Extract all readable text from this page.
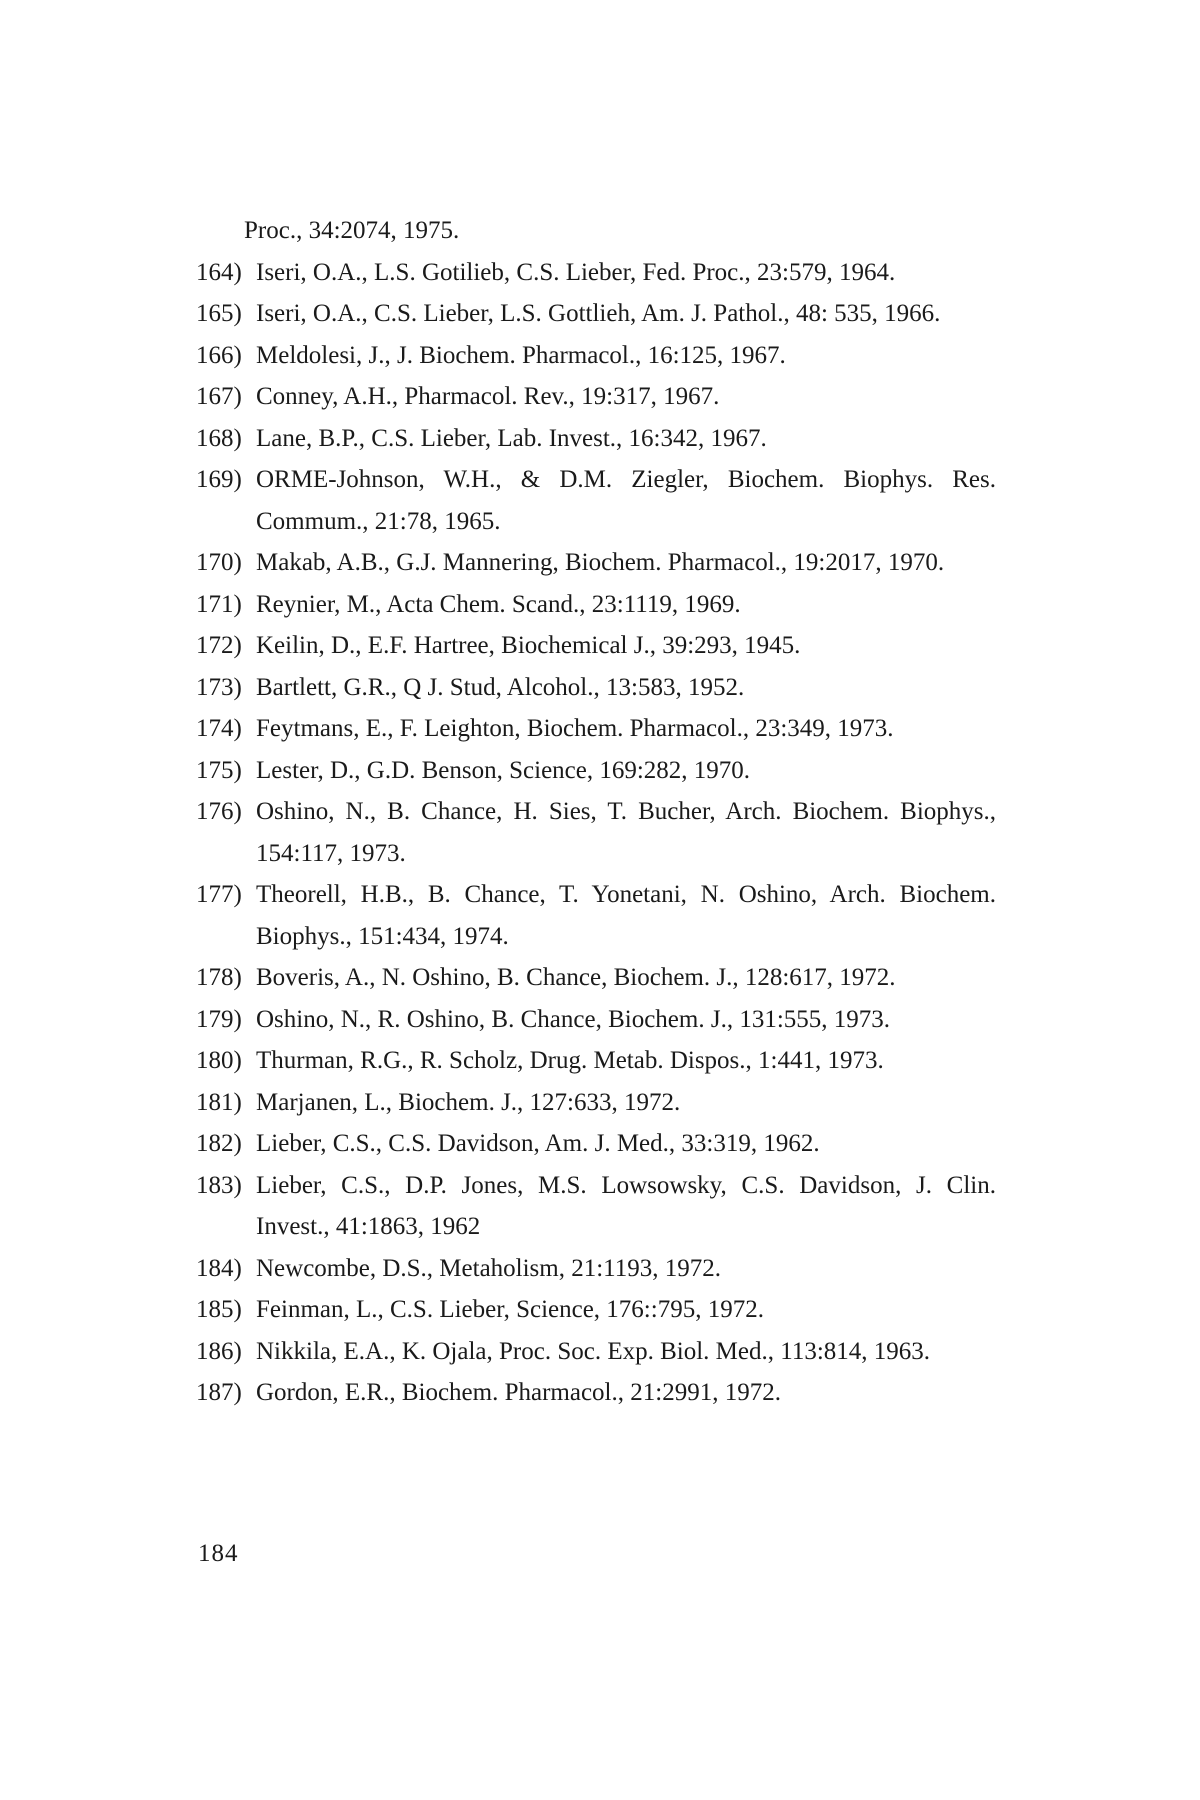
Proc., 34:2074, 1975.
164) Iseri, O.A., L.S. Gotilieb, C.S. Lieber, Fed. Proc., 23:579, 1964.
165) Iseri, O.A., C.S. Lieber, L.S. Gottlieh, Am. J. Pathol., 48: 535, 1966.
166) Meldolesi, J., J. Biochem. Pharmacol., 16:125, 1967.
167) Conney, A.H., Pharmacol. Rev., 19:317, 1967.
168) Lane, B.P., C.S. Lieber, Lab. Invest., 16:342, 1967.
169) ORME-Johnson, W.H., & D.M. Ziegler, Biochem. Biophys. Res. Commum., 21:78, 1965.
170) Makab, A.B., G.J. Mannering, Biochem. Pharmacol., 19:2017, 1970.
171) Reynier, M., Acta Chem. Scand., 23:1119, 1969.
172) Keilin, D., E.F. Hartree, Biochemical J., 39:293, 1945.
173) Bartlett, G.R., Q J. Stud, Alcohol., 13:583, 1952.
174) Feytmans, E., F. Leighton, Biochem. Pharmacol., 23:349, 1973.
175) Lester, D., G.D. Benson, Science, 169:282, 1970.
176) Oshino, N., B. Chance, H. Sies, T. Bucher, Arch. Biochem. Biophys., 154:117, 1973.
177) Theorell, H.B., B. Chance, T. Yonetani, N. Oshino, Arch. Biochem. Biophys., 151:434, 1974.
178) Boveris, A., N. Oshino, B. Chance, Biochem. J., 128:617, 1972.
179) Oshino, N., R. Oshino, B. Chance, Biochem. J., 131:555, 1973.
180) Thurman, R.G., R. Scholz, Drug. Metab. Dispos., 1:441, 1973.
181) Marjanen, L., Biochem. J., 127:633, 1972.
182) Lieber, C.S., C.S. Davidson, Am. J. Med., 33:319, 1962.
183) Lieber, C.S., D.P. Jones, M.S. Lowsowsky, C.S. Davidson, J. Clin. Invest., 41:1863, 1962
184) Newcombe, D.S., Metaholism, 21:1193, 1972.
185) Feinman, L., C.S. Lieber, Science, 176::795, 1972.
186) Nikkila, E.A., K. Ojala, Proc. Soc. Exp. Biol. Med., 113:814, 1963.
187) Gordon, E.R., Biochem. Pharmacol., 21:2991, 1972.
184
